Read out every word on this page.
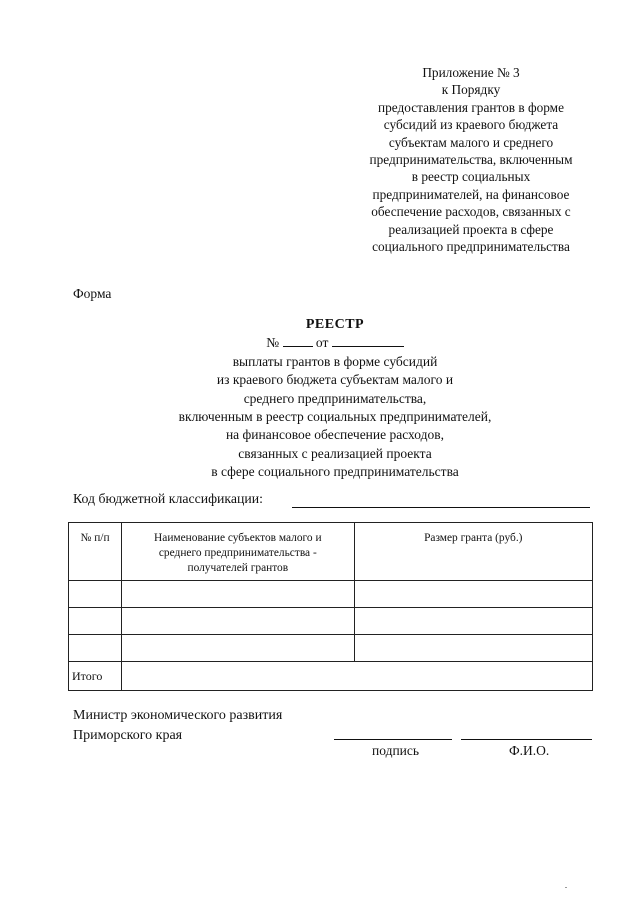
Приложение № 3
к Порядку
предоставления грантов в форме
субсидий из краевого бюджета
субъектам малого и среднего
предпринимательства, включенным
в реестр социальных
предпринимателей, на финансовое
обеспечение расходов, связанных с
реализацией проекта в сфере
социального предпринимательства
Форма
РЕЕСТР
№	от
выплаты грантов в форме субсидий
из краевого бюджета субъектам малого и
среднего предпринимательства,
включенным в реестр социальных предпринимателей,
на финансовое обеспечение расходов,
связанных с реализацией проекта
в сфере социального предпринимательства
Код бюджетной классификации:
№ п/п	Наименование субъектов малого и
среднего предпринимательства -
получателей грантов	Размер гранта (руб.)

Итого		
Министр экономического развития
Приморского края
подпись	Ф.И.О.
